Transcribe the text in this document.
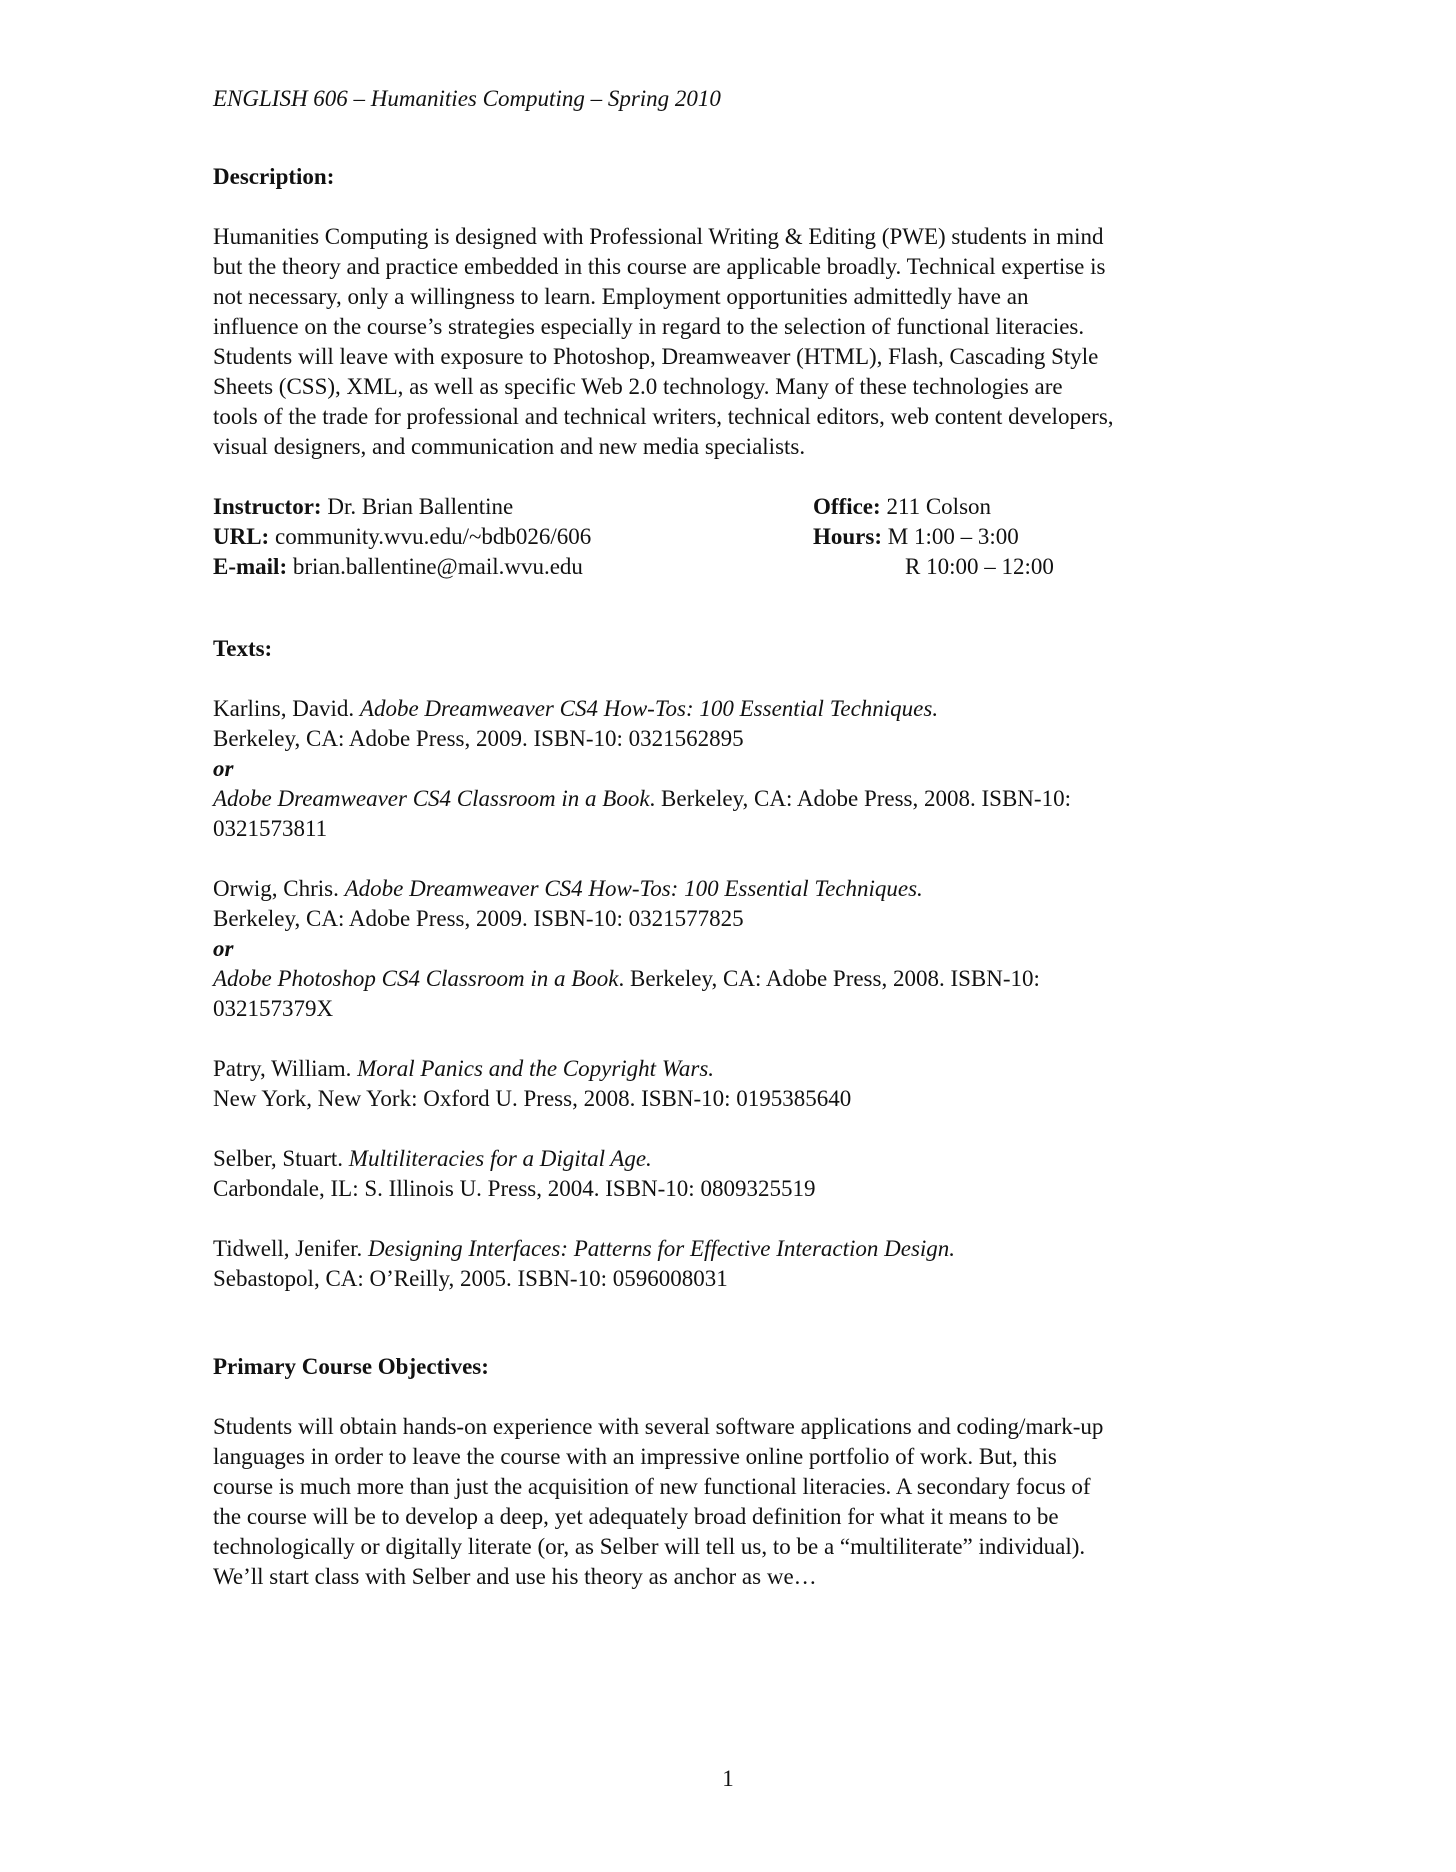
ENGLISH 606 – Humanities Computing – Spring 2010

Description:

Humanities Computing is designed with Professional Writing & Editing (PWE) students in mind
but the theory and practice embedded in this course are applicable broadly. Technical expertise is
not necessary, only a willingness to learn. Employment opportunities admittedly have an
influence on the course’s strategies especially in regard to the selection of functional literacies.
Students will leave with exposure to Photoshop, Dreamweaver (HTML), Flash, Cascading Style
Sheets (CSS), XML, as well as specific Web 2.0 technology. Many of these technologies are
tools of the trade for professional and technical writers, technical editors, web content developers,
visual designers, and communication and new media specialists.
Instructor: Dr. Brian Ballentine
URL: community.wvu.edu/~bdb026/606
E-mail: brian.ballentine@mail.wvu.edu
Office: 211 Colson
Hours: M 1:00 – 3:00
R 10:00 – 12:00

Texts:

Karlins, David. Adobe Dreamweaver CS4 How-Tos: 100 Essential Techniques.
Berkeley, CA: Adobe Press, 2009. ISBN-10: 0321562895
or
Adobe Dreamweaver CS4 Classroom in a Book. Berkeley, CA: Adobe Press, 2008. ISBN-10:
0321573811
Orwig, Chris. Adobe Dreamweaver CS4 How-Tos: 100 Essential Techniques.
Berkeley, CA: Adobe Press, 2009. ISBN-10: 0321577825
or
Adobe Photoshop CS4 Classroom in a Book. Berkeley, CA: Adobe Press, 2008. ISBN-10:
032157379X
Patry, William. Moral Panics and the Copyright Wars.
New York, New York: Oxford U. Press, 2008. ISBN-10: 0195385640
Selber, Stuart. Multiliteracies for a Digital Age.
Carbondale, IL: S. Illinois U. Press, 2004. ISBN-10: 0809325519
Tidwell, Jenifer. Designing Interfaces: Patterns for Effective Interaction Design.
Sebastopol, CA: O’Reilly, 2005. ISBN-10: 0596008031

Primary Course Objectives:

Students will obtain hands-on experience with several software applications and coding/mark-up
languages in order to leave the course with an impressive online portfolio of work. But, this
course is much more than just the acquisition of new functional literacies. A secondary focus of
the course will be to develop a deep, yet adequately broad definition for what it means to be
technologically or digitally literate (or, as Selber will tell us, to be a “multiliterate” individual).
We’ll start class with Selber and use his theory as anchor as we…
1
